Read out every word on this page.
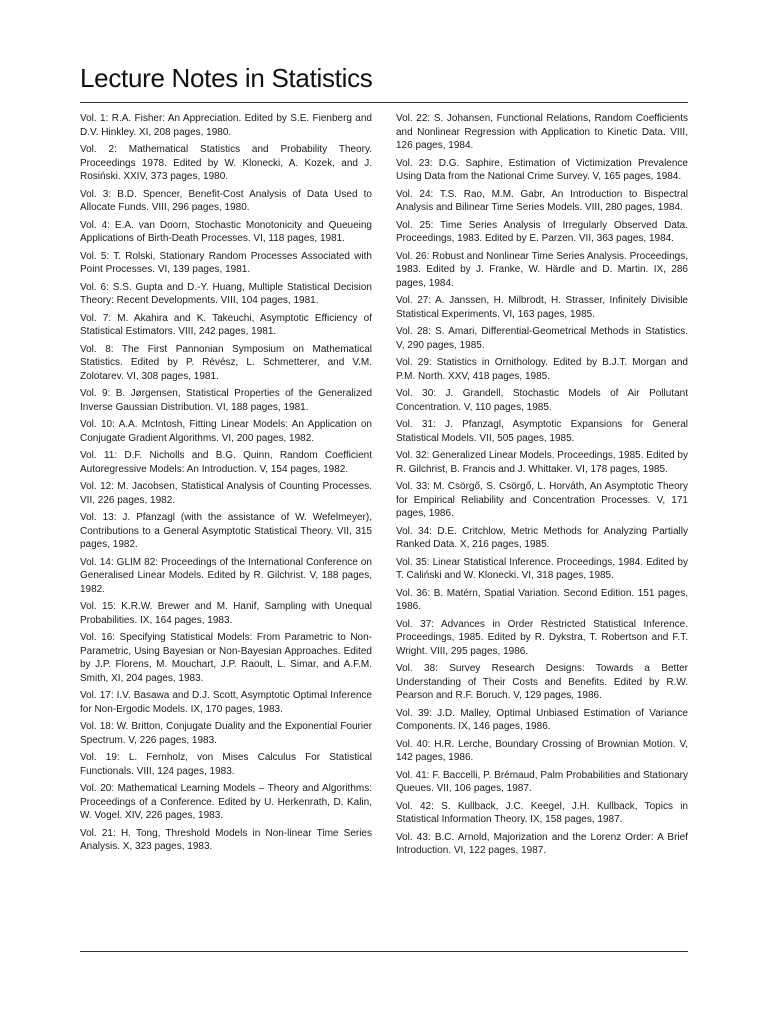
Lecture Notes in Statistics

Vol. 1: R.A. Fisher: An Appreciation. Edited by S.E. Fienberg and D.V. Hinkley. XI, 208 pages, 1980.

Vol. 2: Mathematical Statistics and Probability Theory. Proceedings 1978. Edited by W. Klonecki, A. Kozek, and J. Rosiński. XXIV, 373 pages, 1980.

Vol. 3: B.D. Spencer, Benefit-Cost Analysis of Data Used to Allocate Funds. VIII, 296 pages, 1980.

Vol. 4: E.A. van Doorn, Stochastic Monotonicity and Queueing Applications of Birth-Death Processes. VI, 118 pages, 1981.

Vol. 5: T. Rolski, Stationary Random Processes Associated with Point Processes. VI, 139 pages, 1981.

Vol. 6: S.S. Gupta and D.-Y. Huang, Multiple Statistical Decision Theory: Recent Developments. VIII, 104 pages, 1981.

Vol. 7: M. Akahira and K. Takeuchi, Asymptotic Efficiency of Statistical Estimators. VIII, 242 pages, 1981.

Vol. 8: The First Pannonian Symposium on Mathematical Statistics. Edited by P. Révész, L. Schmetterer, and V.M. Zolotarev. VI, 308 pages, 1981.

Vol. 9: B. Jørgensen, Statistical Properties of the Generalized Inverse Gaussian Distribution. VI, 188 pages, 1981.

Vol. 10: A.A. McIntosh, Fitting Linear Models: An Application on Conjugate Gradient Algorithms. VI, 200 pages, 1982.

Vol. 11: D.F. Nicholls and B.G. Quinn, Random Coefficient Autoregressive Models: An Introduction. V, 154 pages, 1982.

Vol. 12: M. Jacobsen, Statistical Analysis of Counting Processes. VII, 226 pages, 1982.

Vol. 13: J. Pfanzagl (with the assistance of W. Wefelmeyer), Contributions to a General Asymptotic Statistical Theory. VII, 315 pages, 1982.

Vol. 14: GLIM 82: Proceedings of the International Conference on Generalised Linear Models. Edited by R. Gilchrist. V, 188 pages, 1982.

Vol. 15: K.R.W. Brewer and M. Hanif, Sampling with Unequal Probabilities. IX, 164 pages, 1983.

Vol. 16: Specifying Statistical Models: From Parametric to Non-Parametric, Using Bayesian or Non-Bayesian Approaches. Edited by J.P. Florens, M. Mouchart, J.P. Raoult, L. Simar, and A.F.M. Smith, XI, 204 pages, 1983.

Vol. 17: I.V. Basawa and D.J. Scott, Asymptotic Optimal Inference for Non-Ergodic Models. IX, 170 pages, 1983.

Vol. 18: W. Britton, Conjugate Duality and the Exponential Fourier Spectrum. V, 226 pages, 1983.

Vol. 19: L. Fernholz, von Mises Calculus For Statistical Functionals. VIII, 124 pages, 1983.

Vol. 20: Mathematical Learning Models – Theory and Algorithms: Proceedings of a Conference. Edited by U. Herkenrath, D. Kalin, W. Vogel. XIV, 226 pages, 1983.

Vol. 21: H. Tong, Threshold Models in Non-linear Time Series Analysis. X, 323 pages, 1983.

Vol. 22: S. Johansen, Functional Relations, Random Coefficients and Nonlinear Regression with Application to Kinetic Data. VIII, 126 pages, 1984.

Vol. 23: D.G. Saphire, Estimation of Victimization Prevalence Using Data from the National Crime Survey. V, 165 pages, 1984.

Vol. 24: T.S. Rao, M.M. Gabr, An Introduction to Bispectral Analysis and Bilinear Time Series Models. VIII, 280 pages, 1984.

Vol. 25: Time Series Analysis of Irregularly Observed Data. Proceedings, 1983. Edited by E. Parzen. VII, 363 pages, 1984.

Vol. 26: Robust and Nonlinear Time Series Analysis. Proceedings, 1983. Edited by J. Franke, W. Härdle and D. Martin. IX, 286 pages, 1984.

Vol. 27: A. Janssen, H. Milbrodt, H. Strasser, Infinitely Divisible Statistical Experiments. VI, 163 pages, 1985.

Vol. 28: S. Amari, Differential-Geometrical Methods in Statistics. V, 290 pages, 1985.

Vol. 29: Statistics in Ornithology. Edited by B.J.T. Morgan and P.M. North. XXV, 418 pages, 1985.

Vol. 30: J. Grandell, Stochastic Models of Air Pollutant Concentration. V, 110 pages, 1985.

Vol. 31: J. Pfanzagl, Asymptotic Expansions for General Statistical Models. VII, 505 pages, 1985.

Vol. 32: Generalized Linear Models. Proceedings, 1985. Edited by R. Gilchrist, B. Francis and J. Whittaker. VI, 178 pages, 1985.

Vol. 33: M. Csörgő, S. Csörgő, L. Horváth, An Asymptotic Theory for Empirical Reliability and Concentration Processes. V, 171 pages, 1986.

Vol. 34: D.E. Critchlow, Metric Methods for Analyzing Partially Ranked Data. X, 216 pages, 1985.

Vol. 35: Linear Statistical Inference. Proceedings, 1984. Edited by T. Caliński and W. Klonecki. VI, 318 pages, 1985.

Vol. 36: B. Matérn, Spatial Variation. Second Edition. 151 pages, 1986.

Vol. 37: Advances in Order Restricted Statistical Inference. Proceedings, 1985. Edited by R. Dykstra, T. Robertson and F.T. Wright. VIII, 295 pages, 1986.

Vol. 38: Survey Research Designs: Towards a Better Understanding of Their Costs and Benefits. Edited by R.W. Pearson and R.F. Boruch. V, 129 pages, 1986.

Vol. 39: J.D. Malley, Optimal Unbiased Estimation of Variance Components. IX, 146 pages, 1986.

Vol. 40: H.R. Lerche, Boundary Crossing of Brownian Motion. V, 142 pages, 1986.

Vol. 41: F. Baccelli, P. Brémaud, Palm Probabilities and Stationary Queues. VII, 106 pages, 1987.

Vol. 42: S. Kullback, J.C. Keegel, J.H. Kullback, Topics in Statistical Information Theory. IX, 158 pages, 1987.

Vol. 43: B.C. Arnold, Majorization and the Lorenz Order: A Brief Introduction. VI, 122 pages, 1987.
